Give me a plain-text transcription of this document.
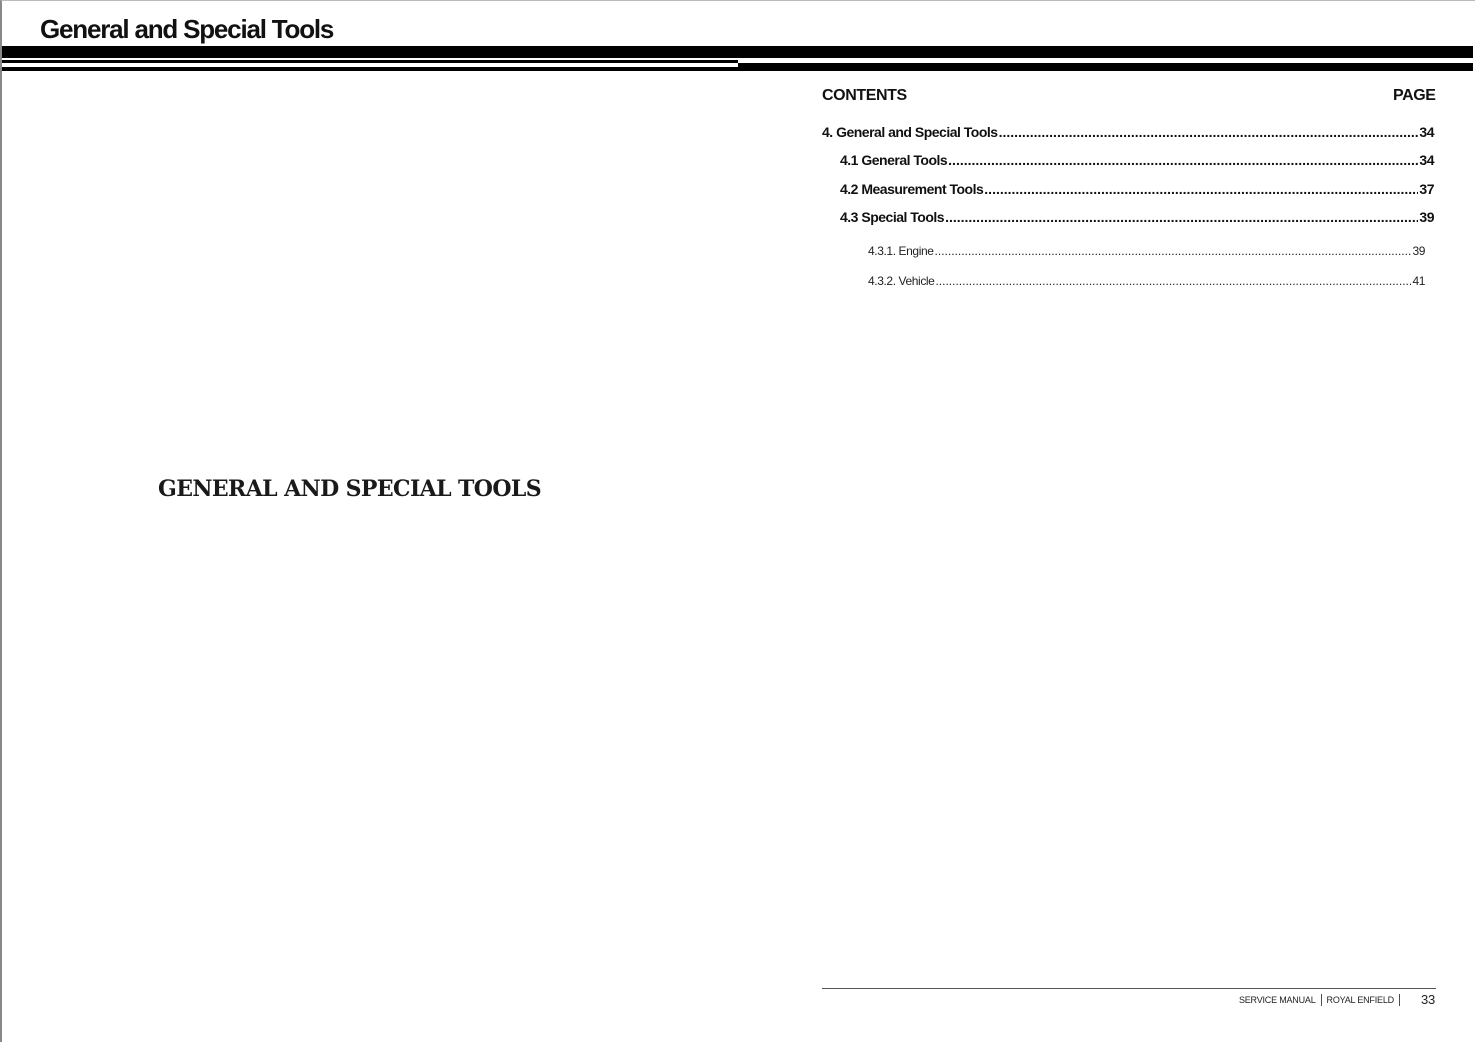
General and Special Tools
GENERAL AND SPECIAL TOOLS
CONTENTS	PAGE
4. General and Special Tools .....	34
4.1 General Tools .....	34
4.2 Measurement Tools .....	37
4.3 Special Tools .....	39
4.3.1. Engine .....	39
4.3.2. Vehicle .....	41
SERVICE MANUAL ROYAL ENFIELD 33
